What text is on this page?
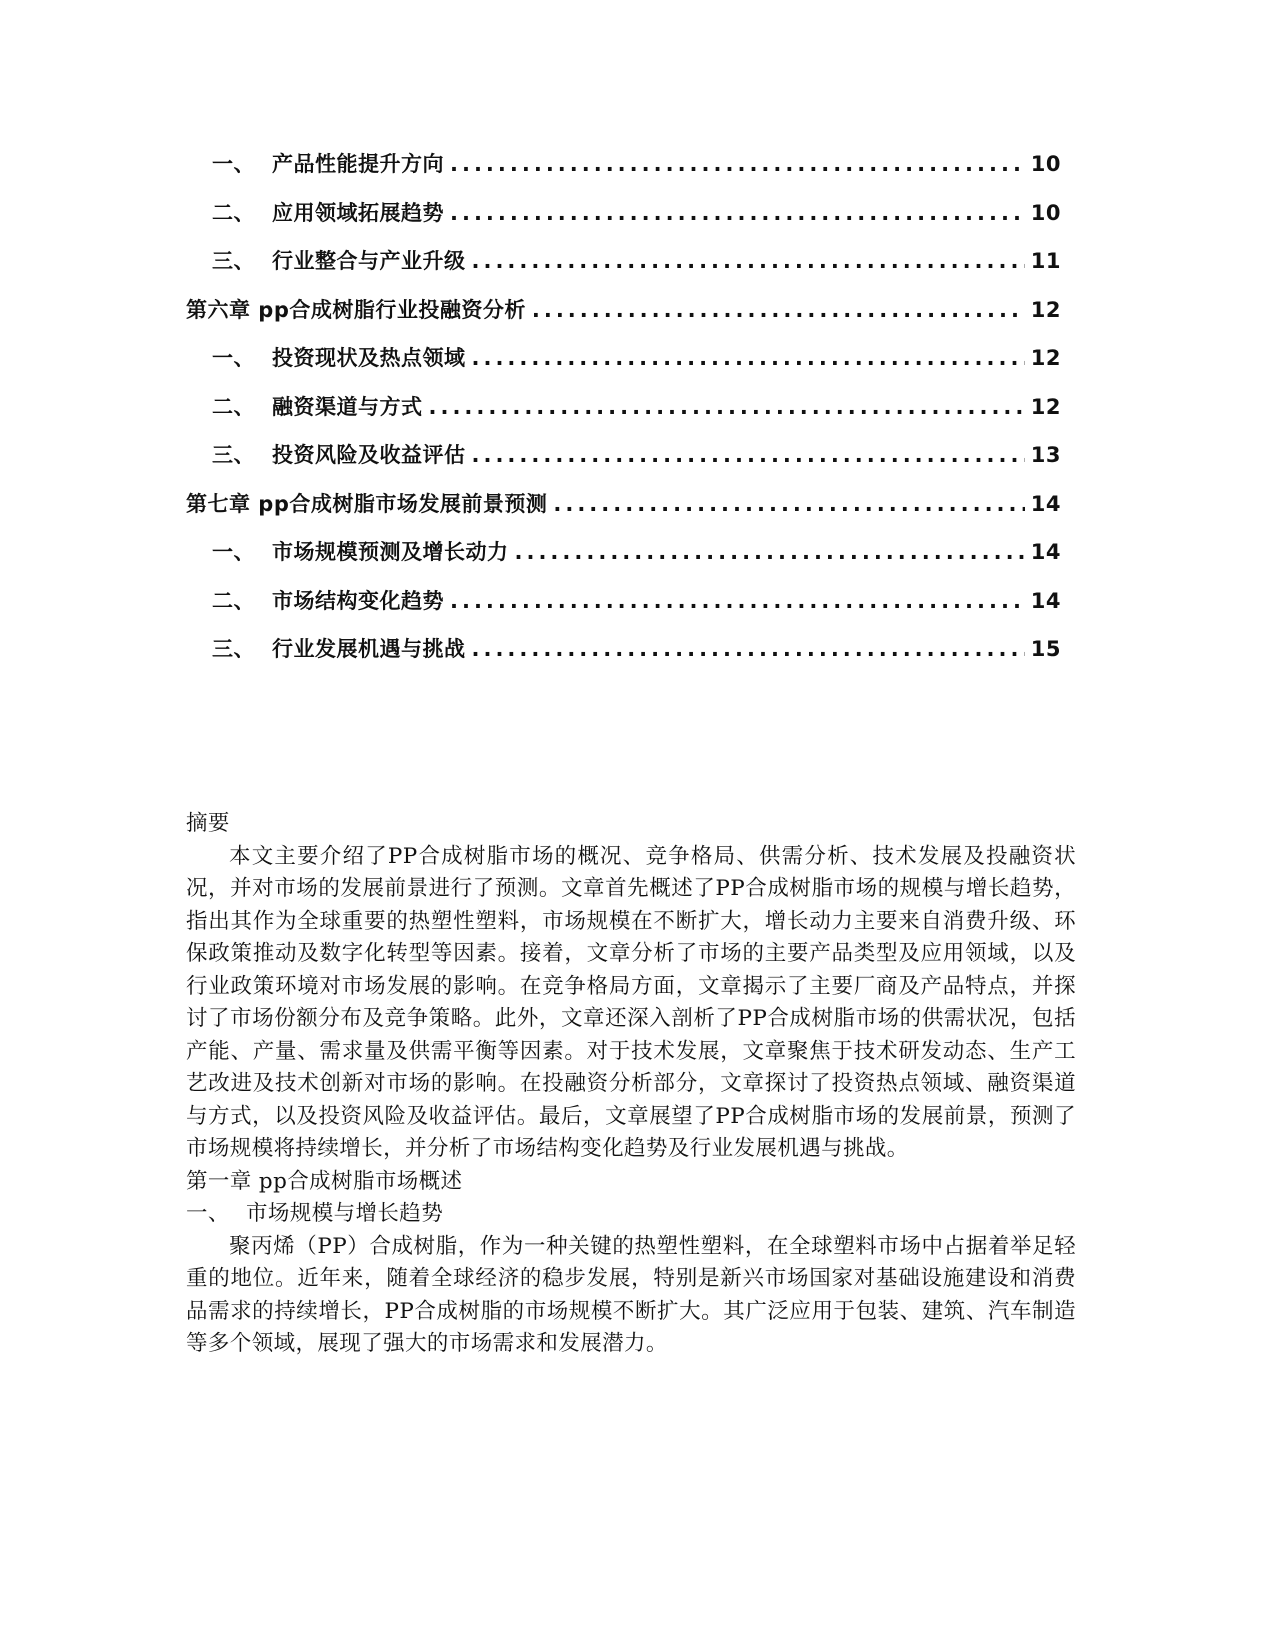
一、 产品性能提升方向 .....	10
二、 应用领域拓展趋势 .....	10
三、 行业整合与产业升级 .....	11
第六章 pp合成树脂行业投融资分析 .....	12
一、 投资现状及热点领域 .....	12
二、 融资渠道与方式 .....	12
三、 投资风险及收益评估 .....	13
第七章 pp合成树脂市场发展前景预测 .....	14
一、 市场规模预测及增长动力 .....	14
二、 市场结构变化趋势 .....	14
三、 行业发展机遇与挑战 .....	15

摘要

本文主要介绍了PP合成树脂市场的概况、竞争格局、供需分析、技术发展及投融资状况，并对市场的发展前景进行了预测。文章首先概述了PP合成树脂市场的规模与增长趋势，指出其作为全球重要的热塑性塑料，市场规模在不断扩大，增长动力主要来自消费升级、环保政策推动及数字化转型等因素。接着，文章分析了市场的主要产品类型及应用领域，以及行业政策环境对市场发展的影响。在竞争格局方面，文章揭示了主要厂商及产品特点，并探讨了市场份额分布及竞争策略。此外，文章还深入剖析了PP合成树脂市场的供需状况，包括产能、产量、需求量及供需平衡等因素。对于技术发展，文章聚焦于技术研发动态、生产工艺改进及技术创新对市场的影响。在投融资分析部分，文章探讨了投资热点领域、融资渠道与方式，以及投资风险及收益评估。最后，文章展望了PP合成树脂市场的发展前景，预测了市场规模将持续增长，并分析了市场结构变化趋势及行业发展机遇与挑战。

第一章 pp合成树脂市场概述

一、 市场规模与增长趋势

聚丙烯（PP）合成树脂，作为一种关键的热塑性塑料，在全球塑料市场中占据着举足轻重的地位。近年来，随着全球经济的稳步发展，特别是新兴市场国家对基础设施建设和消费品需求的持续增长，PP合成树脂的市场规模不断扩大。其广泛应用于包装、建筑、汽车制造等多个领域，展现了强大的市场需求和发展潜力。
